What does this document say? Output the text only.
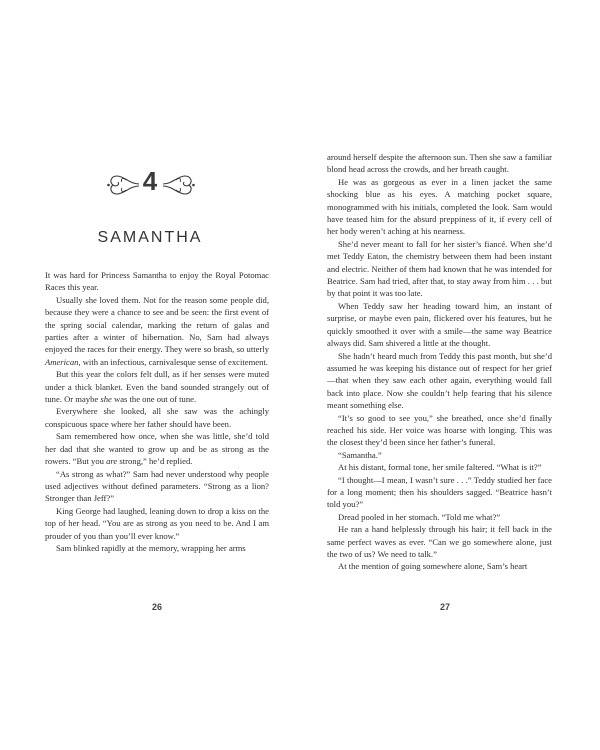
4
SAMANTHA

It was hard for Princess Samantha to enjoy the Royal Potomac Races this year.

Usually she loved them. Not for the reason some people did, because they were a chance to see and be seen: the first event of the spring social calendar, marking the return of galas and parties after a winter of hibernation. No, Sam had always enjoyed the races for their energy. They were so brash, so utterly American, with an infectious, carnivalesque sense of excitement.

But this year the colors felt dull, as if her senses were muted under a thick blanket. Even the band sounded strangely out of tune. Or maybe she was the one out of tune.

Everywhere she looked, all she saw was the achingly conspicuous space where her father should have been.

Sam remembered how once, when she was little, she’d told her dad that she wanted to grow up and be as strong as the rowers. “But you are strong,” he’d replied.

“As strong as what?” Sam had never understood why people used adjectives without defined parameters. “Strong as a lion? Stronger than Jeff?”

King George had laughed, leaning down to drop a kiss on the top of her head. “You are as strong as you need to be. And I am prouder of you than you’ll ever know.”

Sam blinked rapidly at the memory, wrapping her arms

26

around herself despite the afternoon sun. Then she saw a familiar blond head across the crowds, and her breath caught.

He was as gorgeous as ever in a linen jacket the same shocking blue as his eyes. A matching pocket square, monogrammed with his initials, completed the look. Sam would have teased him for the absurd preppiness of it, if every cell of her body weren’t aching at his nearness.

She’d never meant to fall for her sister’s fiancé. When she’d met Teddy Eaton, the chemistry between them had been instant and electric. Neither of them had known that he was intended for Beatrice. Sam had tried, after that, to stay away from him . . . but by that point it was too late.

When Teddy saw her heading toward him, an instant of surprise, or maybe even pain, flickered over his features, but he quickly smoothed it over with a smile—the same way Beatrice always did. Sam shivered a little at the thought.

She hadn’t heard much from Teddy this past month, but she’d assumed he was keeping his distance out of respect for her grief—that when they saw each other again, everything would fall back into place. Now she couldn’t help fearing that his silence meant something else.

“It’s so good to see you,” she breathed, once she’d finally reached his side. Her voice was hoarse with longing. This was the closest they’d been since her father’s funeral.

“Samantha.”

At his distant, formal tone, her smile faltered. “What is it?”

“I thought—I mean, I wasn’t sure . . .” Teddy studied her face for a long moment; then his shoulders sagged. “Beatrice hasn’t told you?”

Dread pooled in her stomach. “Told me what?”

He ran a hand helplessly through his hair; it fell back in the same perfect waves as ever. “Can we go somewhere alone, just the two of us? We need to talk.”

At the mention of going somewhere alone, Sam’s heart

27
